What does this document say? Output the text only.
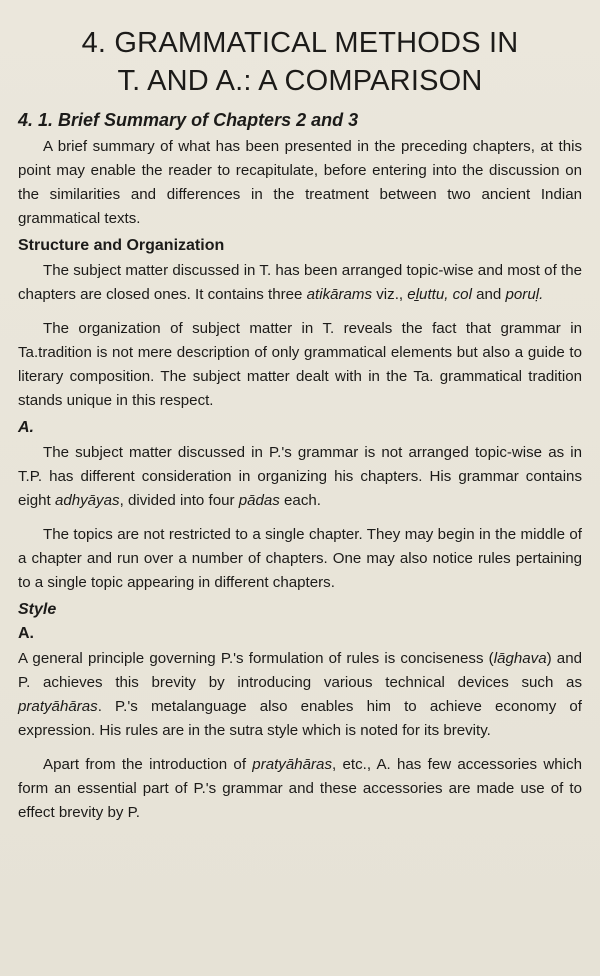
4. GRAMMATICAL METHODS IN
T. AND A.: A COMPARISON
4. 1. Brief Summary of Chapters 2 and 3

A brief summary of what has been presented in the preceding chapters, at this point may enable the reader to recapitulate, before entering into the discussion on the similarities and differences in the treatment between two ancient Indian grammatical texts.

Structure and Organization

The subject matter discussed in T. has been arranged topic-wise and most of the chapters are closed ones. It contains three atikārams viz., eḻuttu, col and poruḷ.

The organization of subject matter in T. reveals the fact that grammar in Ta.tradition is not mere description of only grammatical elements but also a guide to literary composition. The subject matter dealt with in the Ta. grammatical tradition stands unique in this respect.

A.

The subject matter discussed in P.'s grammar is not arranged topic-wise as in T.P. has different consideration in organizing his chapters. His grammar contains eight adhyāyas, divided into four pādas each.

The topics are not restricted to a single chapter. They may begin in the middle of a chapter and run over a number of chapters. One may also notice rules pertaining to a single topic appearing in different chapters.

Style
A.

A general principle governing P.'s formulation of rules is conciseness (lāghava) and P. achieves this brevity by introducing various technical devices such as pratyāhāras. P.'s metalanguage also enables him to achieve economy of expression. His rules are in the sutra style which is noted for its brevity.

Apart from the introduction of pratyāhāras, etc., A. has few accessories which form an essential part of P.'s grammar and these accessories are made use of to effect brevity by P.
